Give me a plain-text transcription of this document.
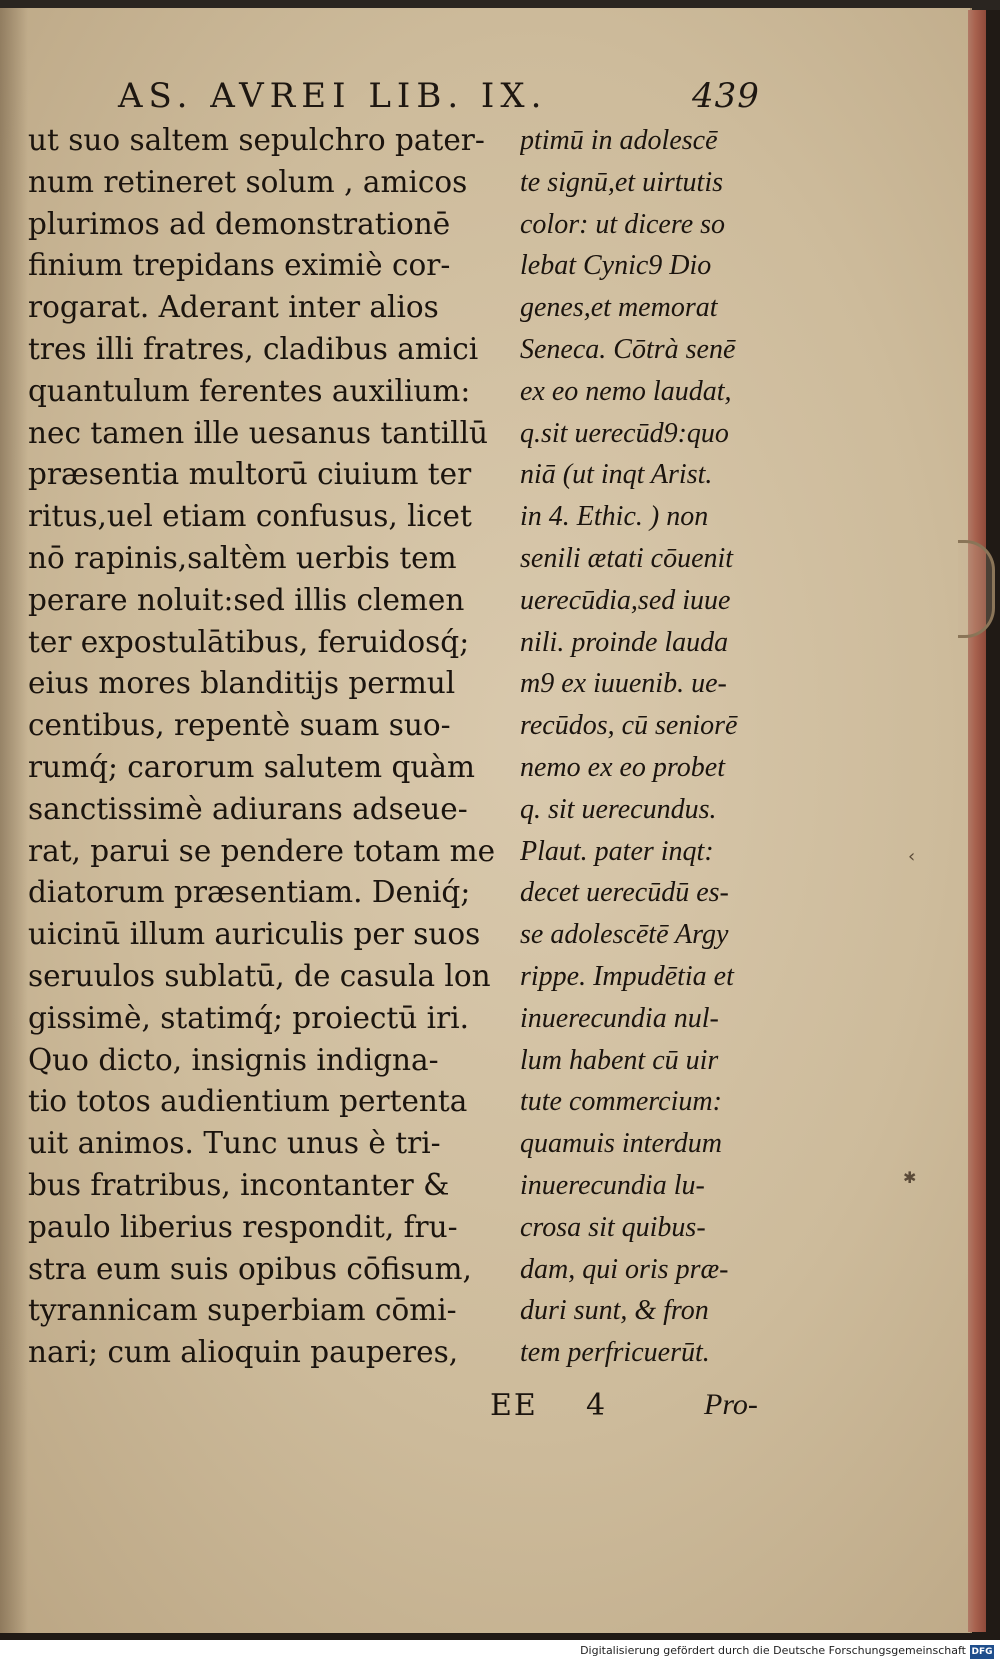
AS. AVREI LIB. IX.	439
ut suo saltem sepulchro pater-
num retineret solum , amicos
plurimos ad demonstrationē
finium trepidans eximiè cor-
rogarat. Aderant inter alios
tres illi fratres, cladibus amici
quantulum ferentes auxilium:
nec tamen ille uesanus tantillū
præsentia multorū ciuium ter
ritus,uel etiam confusus, licet
nō rapinis,saltèm uerbis tem
perare noluit:sed illis clemen
ter expostulātibus, feruidosq́;
eius mores blanditijs permul
centibus, repentè suam suo-
rumq́; carorum salutem quàm
sanctissimè adiurans adseue-
rat, parui se pendere totam me
diatorum præsentiam. Deniq́;
uicinū illum auriculis per suos
seruulos sublatū, de casula lon
gissimè, statimq́; proiectū iri.
Quo dicto, insignis indigna-
tio totos audientium pertenta
uit animos. Tunc unus è tri-
bus fratribus, incontanter &
paulo liberius respondit, fru-
stra eum suis opibus cōfisum,
tyrannicam superbiam cōmi-
nari; cum alioquin pauperes,
ptimū in adolescē
te signū,et uirtutis
color: ut dicere so
lebat Cynic9 Dio
genes,et memorat
Seneca. Cōtrà senē
ex eo nemo laudat,
q.sit uerecūd9:quo
niā (ut inqt Arist.
in 4. Ethic. ) non
senili ætati cōuenit
uerecūdia,sed iuue
nili. proinde lauda
m9 ex iuuenib. ue-
recūdos, cū seniorē
nemo ex eo probet
q. sit uerecundus.
Plaut. pater inqt:
decet uerecūdū es-
se adolescētē Argy
rippe. Impudētia et
inuerecundia nul-
lum habent cū uir
tute commercium:
quamuis interdum
inuerecundia lu-
crosa sit quibus-
dam, qui oris præ-
duri sunt, & fron
tem perfricuerūt.
EE 4	Pro-
✱
‹
Digitalisierung gefördert durch die Deutsche Forschungsgemeinschaft DFG
